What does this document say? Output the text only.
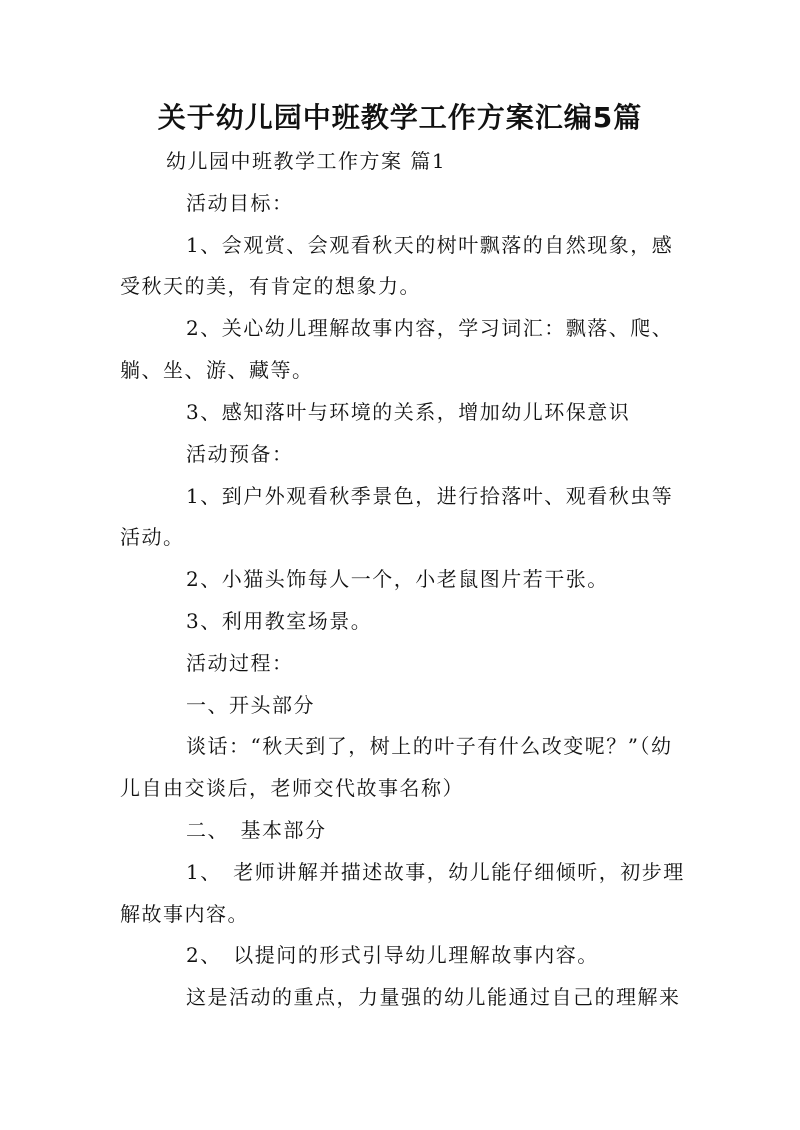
关于幼儿园中班教学工作方案汇编5篇
幼儿园中班教学工作方案 篇1
活动目标：
1、会观赏、会观看秋天的树叶飘落的自然现象，感
受秋天的美，有肯定的想象力。
2、关心幼儿理解故事内容，学习词汇：飘落、爬、
躺、坐、游、藏等。
3、感知落叶与环境的关系，增加幼儿环保意识
活动预备：
1、到户外观看秋季景色，进行拾落叶、观看秋虫等
活动。
2、小猫头饰每人一个，小老鼠图片若干张。
3、利用教室场景。
活动过程：
一、开头部分
谈话：“秋天到了，树上的叶子有什么改变呢？”（幼
儿自由交谈后，老师交代故事名称）
二、　基本部分
1、　老师讲解并描述故事，幼儿能仔细倾听，初步理
解故事内容。
2、　以提问的形式引导幼儿理解故事内容。
这是活动的重点，力量强的幼儿能通过自己的理解来
